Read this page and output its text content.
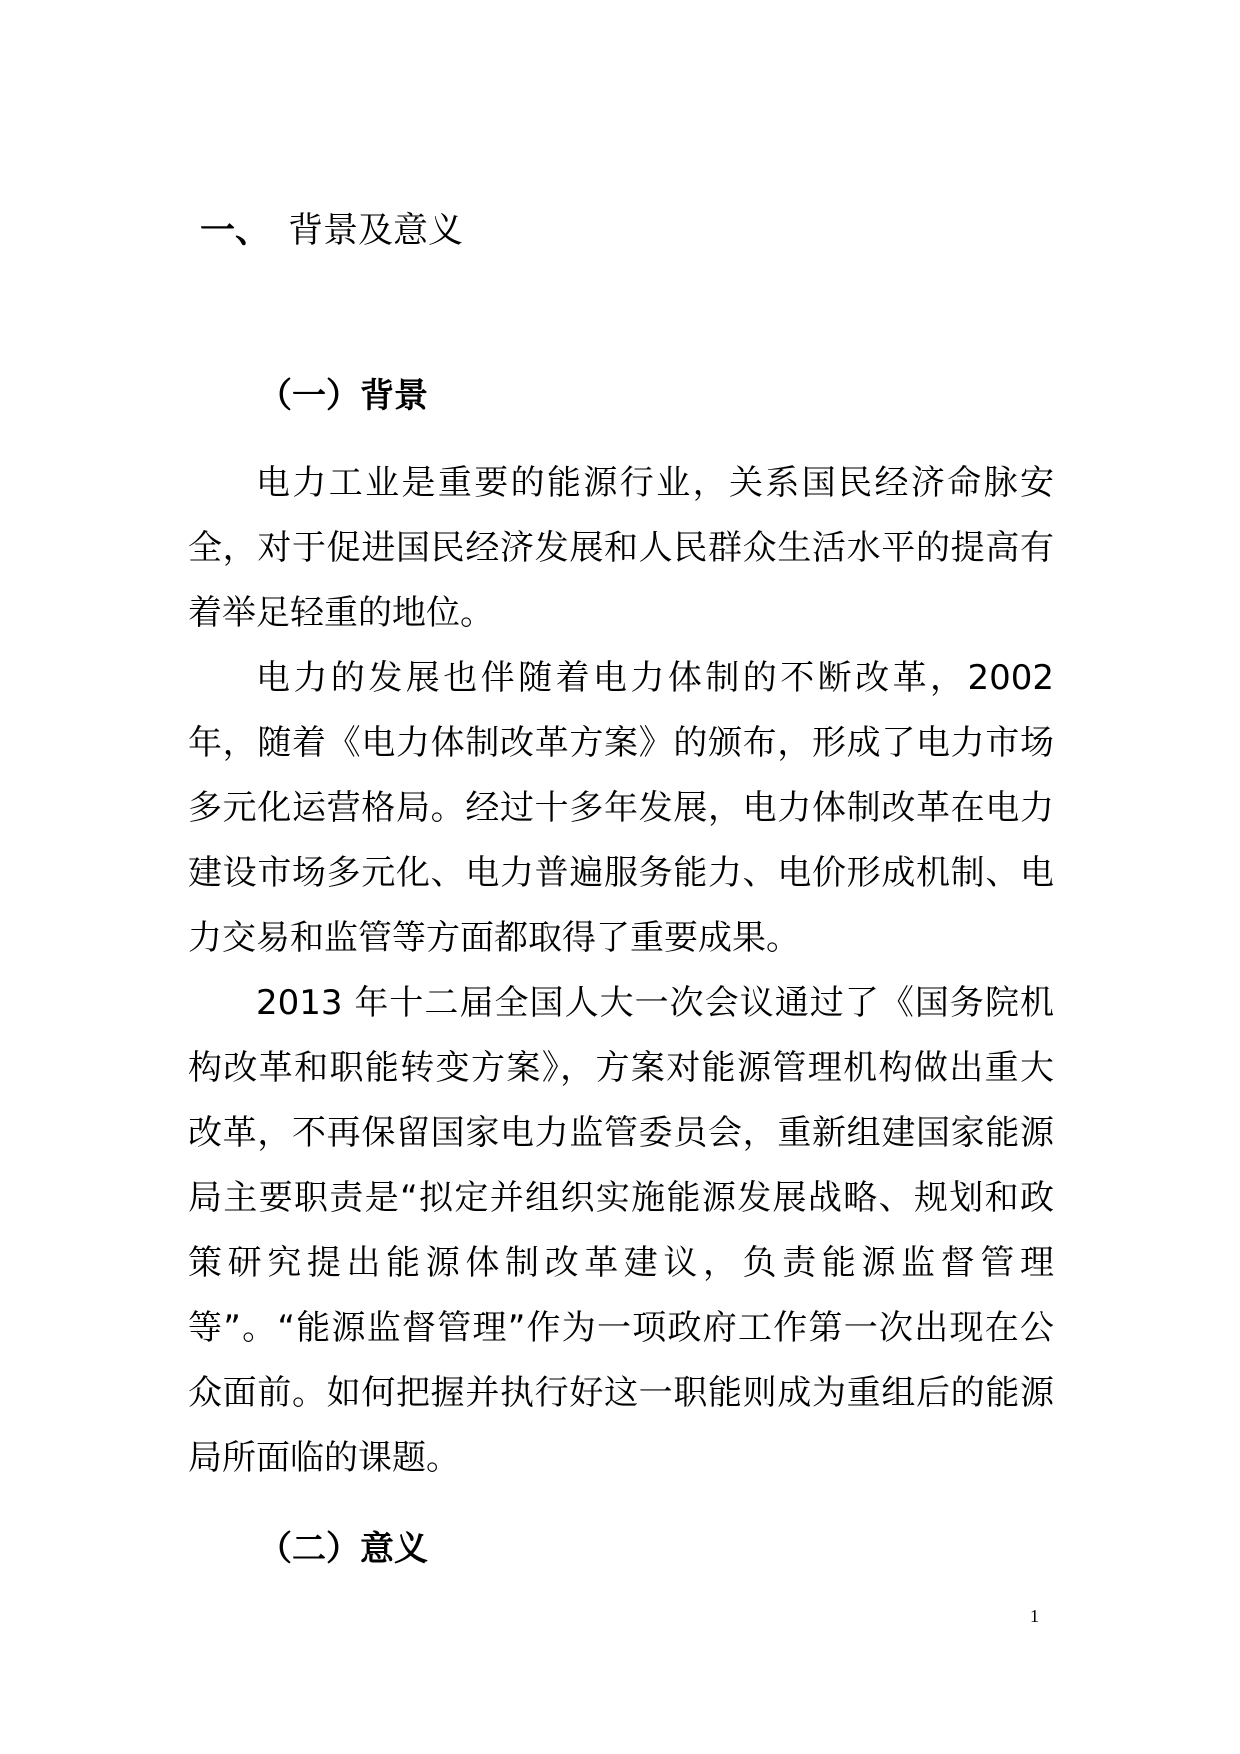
一、 背景及意义
（一）背景

电力工业是重要的能源行业，关系国民经济命脉安全，对于促进国民经济发展和人民群众生活水平的提高有着举足轻重的地位。

电力的发展也伴随着电力体制的不断改革，2002 年，随着《电力体制改革方案》的颁布，形成了电力市场多元化运营格局。经过十多年发展，电力体制改革在电力建设市场多元化、电力普遍服务能力、电价形成机制、电力交易和监管等方面都取得了重要成果。

2013 年十二届全国人大一次会议通过了《国务院机构改革和职能转变方案》，方案对能源管理机构做出重大改革，不再保留国家电力监管委员会，重新组建国家能源局主要职责是“拟定并组织实施能源发展战略、规划和政策研究提出能源体制改革建议，负责能源监督管理等”。“能源监督管理”作为一项政府工作第一次出现在公众面前。如何把握并执行好这一职能则成为重组后的能源局所面临的课题。

（二）意义
1
